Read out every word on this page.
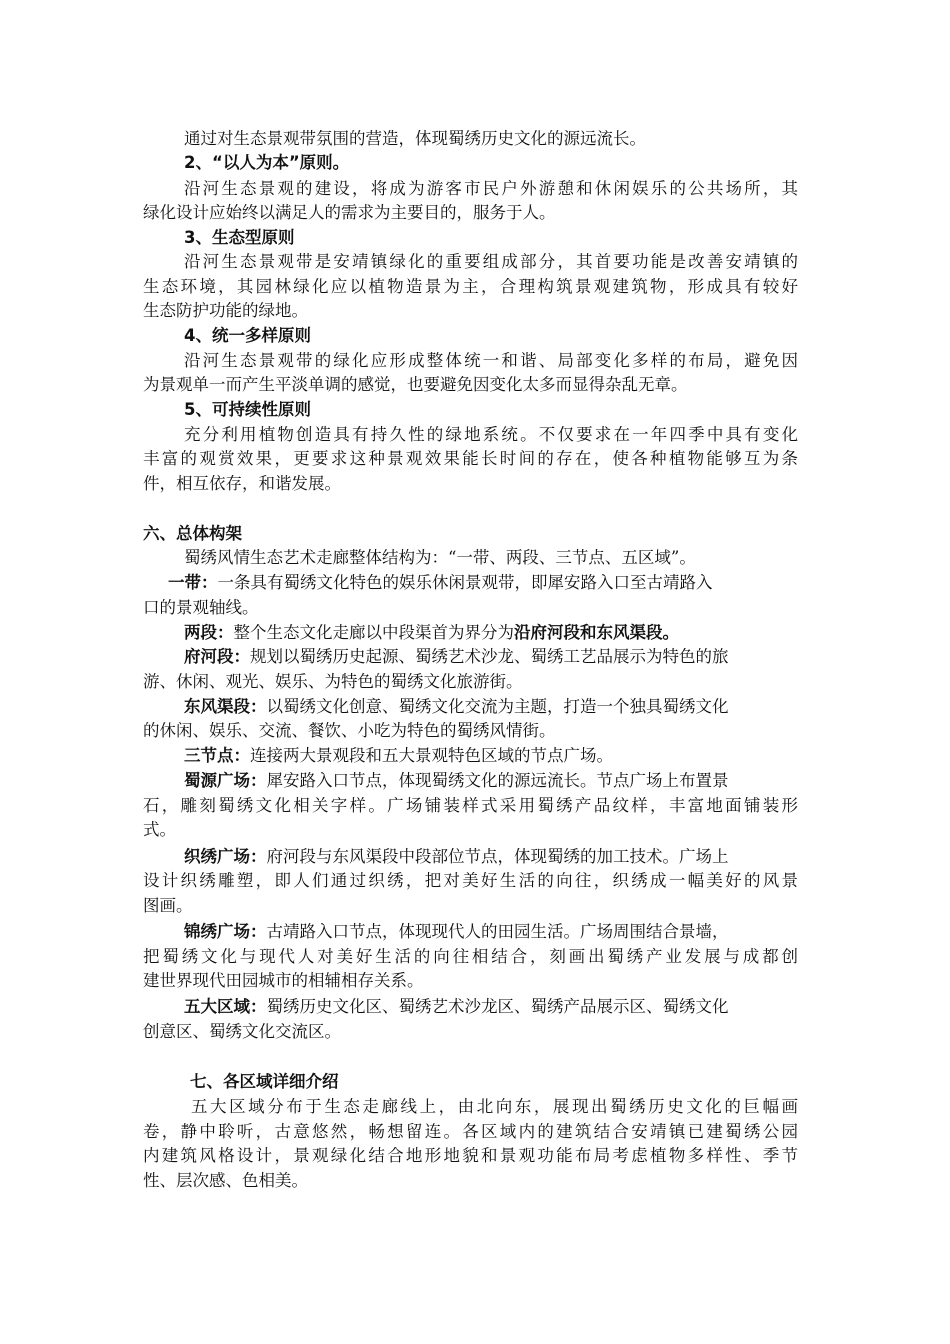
通过对生态景观带氛围的营造，体现蜀绣历史文化的源远流长。
2、“以人为本”原则。
沿河生态景观的建设，将成为游客市民户外游憩和休闲娱乐的公共场所，其
绿化设计应始终以满足人的需求为主要目的，服务于人。
3、生态型原则
沿河生态景观带是安靖镇绿化的重要组成部分，其首要功能是改善安靖镇的
生态环境，其园林绿化应以植物造景为主，合理构筑景观建筑物，形成具有较好
生态防护功能的绿地。
4、统一多样原则
沿河生态景观带的绿化应形成整体统一和谐、局部变化多样的布局，避免因
为景观单一而产生平淡单调的感觉，也要避免因变化太多而显得杂乱无章。
5、可持续性原则
充分利用植物创造具有持久性的绿地系统。不仅要求在一年四季中具有变化
丰富的观赏效果，更要求这种景观效果能长时间的存在，使各种植物能够互为条
件，相互依存，和谐发展。
六、总体构架
蜀绣风情生态艺术走廊整体结构为：“一带、两段、三节点、五区域”。
一带：一条具有蜀绣文化特色的娱乐休闲景观带，即犀安路入口至古靖路入
口的景观轴线。
两段：整个生态文化走廊以中段渠首为界分为沿府河段和东风渠段。
府河段：规划以蜀绣历史起源、蜀绣艺术沙龙、蜀绣工艺品展示为特色的旅
游、休闲、观光、娱乐、为特色的蜀绣文化旅游街。
东风渠段：以蜀绣文化创意、蜀绣文化交流为主题，打造一个独具蜀绣文化
的休闲、娱乐、交流、餐饮、小吃为特色的蜀绣风情街。
三节点：连接两大景观段和五大景观特色区域的节点广场。
蜀源广场：犀安路入口节点，体现蜀绣文化的源远流长。节点广场上布置景
石，雕刻蜀绣文化相关字样。广场铺装样式采用蜀绣产品纹样，丰富地面铺装形
式。
织绣广场：府河段与东风渠段中段部位节点，体现蜀绣的加工技术。广场上
设计织绣雕塑，即人们通过织绣，把对美好生活的向往，织绣成一幅美好的风景
图画。
锦绣广场：古靖路入口节点，体现现代人的田园生活。广场周围结合景墙，
把蜀绣文化与现代人对美好生活的向往相结合，刻画出蜀绣产业发展与成都创
建世界现代田园城市的相辅相存关系。
五大区域：蜀绣历史文化区、蜀绣艺术沙龙区、蜀绣产品展示区、蜀绣文化
创意区、蜀绣文化交流区。
七、各区域详细介绍
五大区域分布于生态走廊线上，由北向东，展现出蜀绣历史文化的巨幅画
卷，静中聆听，古意悠然，畅想留连。各区域内的建筑结合安靖镇已建蜀绣公园
内建筑风格设计，景观绿化结合地形地貌和景观功能布局考虑植物多样性、季节
性、层次感、色相美。
